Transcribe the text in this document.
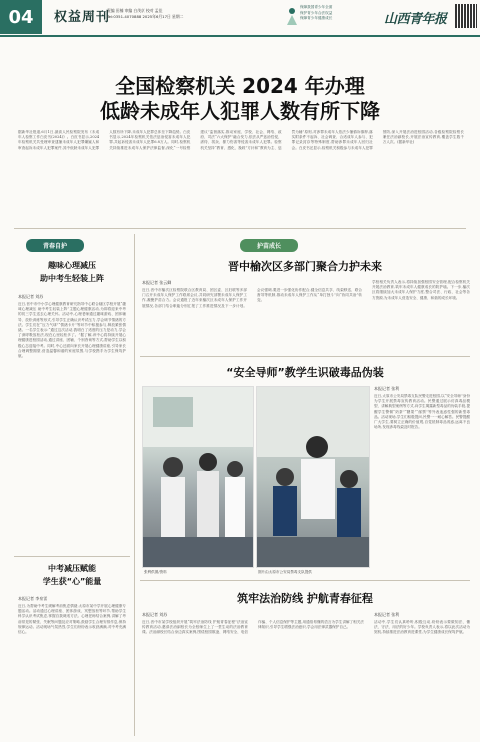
04	权益周刊
责编 田楠 审编 白茂京 校对 孟佳
Tel:0351-4070888 2025年6月17日 星期二
保障我国青少年全面
保护青少年合法权益
保障青少年健康成长	山西青年报
全国检察机关 2024 年办理
低龄未成年人犯罪人数有所下降
据新华社报道,6月1日,最高人民检察院发布《未成年人检察工作白皮书(2024)》。白皮书显示,2024年检察机关共受理审查逮捕未成年人犯罪嫌疑人和审查起诉未成年人犯罪案件,其中低龄未成年人犯罪人数有所下降,未成年人犯罪总体呈下降趋势。白皮书显示,2024年检察机关依法惩治侵害未成年人犯罪,共起诉侵害未成年人犯罪6.8万人。同时,检察机关持续推进未成年人保护法律监督,深化“一号检察建议”监督落实,推动家庭、学校、社会、网络、政府、司法“六大保护”融合发力,依法从严惩治性侵、虐待、拐卖、暴力伤害等侵害未成年人犯罪。检察机关坚持“教育、感化、挽救”方针和“教育为主、惩罚为辅”原则,对涉罪未成年人依法少捕慎诉慎押,落实附条件不起诉、社会调查、合适成年人参与、犯罪记录封存等特殊制度,帮助涉罪未成年人回归社会。白皮书还显示,检察机关积极参与未成年人犯罪预防,深入开展法治进校园活动,各级检察院检察长兼任法治副校长,开展法治宣传教育,覆盖学生数千万人次。(据新华社)
青春自护
趣味心理减压
助中考生轻装上阵
本报记者 刘苏
近日,晋中市中小学心理健康教育研究指导中心联合辖区学校开展“趣味心理减压 助中考生轻装上阵”主题心理健康活动,为即将迎来中考的初三学生送去心理关怀。活动中,心理老师通过趣味游戏、团体辅导、放松训练等形式,引导学生正确认识考试压力,学会调节情绪的方法。学生们在“压力气球”“情绪卡片”等环节中积极参与,释放紧张情绪。一名学生表示:“通过这次活动,我明白了适度的压力是动力,学会了深呼吸放松法,现在心里轻松多了。”据了解,该中心将持续开展心理健康进校园活动,通过讲座、团辅、个别咨询等方式,帮助学生以积极心态迎接中考。同时,中心还面向家长开展心理健康讲座,引导家长合理调整期望,营造温馨和谐的家庭氛围,与学校携手为学生保驾护航。
中考减压赋能
学生获“心”能量
本报记者 李泉雷
近日,为帮助中考生缓解考前焦虑情绪,太原市某中学开展心理健康专题活动。活动通过心理讲座、团体游戏、冥想放松等环节,帮助学生科学认识考试焦虑,掌握自我调适方法。心理老师结合案例,讲解了考前常见的紧张、失眠等问题及应对策略,鼓励学生合理安排作息,保持规律运动。活动现场气氛热烈,学生们纷纷表示收获满满,对中考充满信心。
护苗成长
晋中榆次区多部门聚合力护未来
本报记者 张云卿
近日,晋中市榆次区检察院联合区教育局、团区委、区妇联等多部门召开未成年人保护工作联席会议,共同研究部署未成年人保护工作,凝聚护苗合力。会议通报了近年来榆次区未成年人保护工作开展情况,各部门结合职能分别汇报了工作推进情况及下一步计划。会议强调,要进一步强化协作配合,健全信息共享、线索移送、联合督导等机制,推动未成年人保护工作从“单打独斗”向“协同共治”转变。
学校相关负责人表示,将持续加强校园安全管理,配合检察机关开展法治教育,筑牢未成年人健康成长的防护墙。下一步,榆次区将继续加大未成年人保护力度,整合司法、行政、社会等各方资源,为未成年人营造安全、健康、和谐的成长环境。
“安全导师”教学生识破毒品伪装
张利供图/资料	图片由太原市公安局禁毒支队提供
本报记者 张利
近日,太原市公安局禁毒支队民警走进校园,以“安全导师”身份为学生开展禁毒宣传教育活动。民警通过展示仿真毒品模型、讲解典型案例等方式,向学生揭露新型毒品的伪装手段,提醒学生警惕“奶茶”“糖果”“邮票”等外表迷惑性强的新型毒品。活动现场,学生们积极提问,民警一一耐心解答。民警提醒广大学生,要树立正确的价值观,自觉抵制毒品诱惑,远离不良场所,发现涉毒线索及时报告。
筑牢法治防线 护航青春征程
本报记者 刘苏
近日,晋中市某学校组织开展“筑牢法治防线 护航青春征程”法治宣传教育活动,邀请法治副校长为全校师生上了一堂生动的法治教育课。法治副校长结合身边真实案例,围绕校园欺凌、网络安全、电信诈骗、个人信息保护等主题,用通俗易懂的语言为学生讲解了相关法律知识,引导学生增强法治意识,学会用法律武器保护自己。
本报记者 张利
活动中,学生们认真聆听,积极互动,纷纷表示要做知法、懂法、守法、用法的好少年。学校负责人表示,将以此次活动为契机,持续推进法治教育进课堂,为学生健康成长保驾护航。
